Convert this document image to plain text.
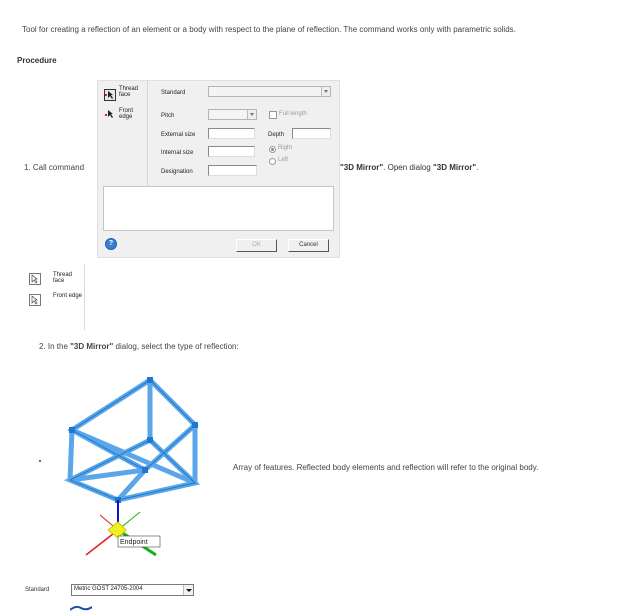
Tool for creating a reflection of an element or a body with respect to the plane of reflection. The command works only with parametric solids.
Procedure
Thread face
Front edge
Standard
Pitch	Full length
External size	Depth
Internal size
Right
Left
Designation
?	OK	Cancel
1. Call command	"3D Mirror". Open dialog "3D Mirror".
Thread face
Front edge
2. In the "3D Mirror" dialog, select the type of reflection:
Endpoint
Array of features. Reflected body elements and reflection will refer to the original body.
Standard	Metric GOST 24705-2004
